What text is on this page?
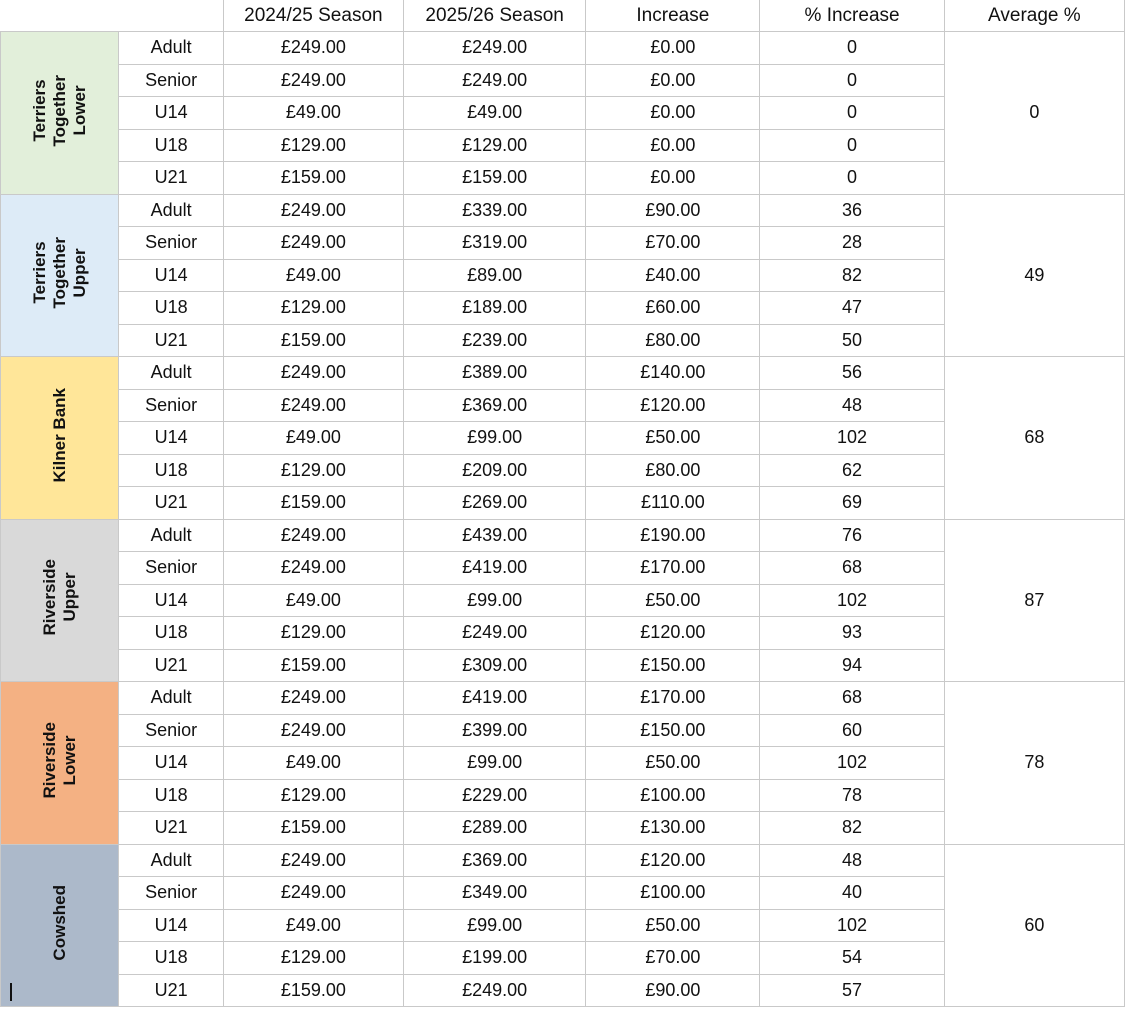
		2024/25 Season	2025/26 Season	Increase	% Increase	Average %

Terriers Together Lower	Adult	£249.00	£249.00	£0.00	0	0
	Senior	£249.00	£249.00	£0.00	0	
	U14	£49.00	£49.00	£0.00	0	
	U18	£129.00	£129.00	£0.00	0	
	U21	£159.00	£159.00	£0.00	0	

Terriers Together Upper	Adult	£249.00	£339.00	£90.00	36	49
	Senior	£249.00	£319.00	£70.00	28	
	U14	£49.00	£89.00	£40.00	82	
	U18	£129.00	£189.00	£60.00	47	
	U21	£159.00	£239.00	£80.00	50	

Kilner Bank	Adult	£249.00	£389.00	£140.00	56	68
	Senior	£249.00	£369.00	£120.00	48	
	U14	£49.00	£99.00	£50.00	102	
	U18	£129.00	£209.00	£80.00	62	
	U21	£159.00	£269.00	£110.00	69	

Riverside Upper	Adult	£249.00	£439.00	£190.00	76	87
	Senior	£249.00	£419.00	£170.00	68	
	U14	£49.00	£99.00	£50.00	102	
	U18	£129.00	£249.00	£120.00	93	
	U21	£159.00	£309.00	£150.00	94	

Riverside Lower	Adult	£249.00	£419.00	£170.00	68	78
	Senior	£249.00	£399.00	£150.00	60	
	U14	£49.00	£99.00	£50.00	102	
	U18	£129.00	£229.00	£100.00	78	
	U21	£159.00	£289.00	£130.00	82	

Cowshed	Adult	£249.00	£369.00	£120.00	48	60
	Senior	£249.00	£349.00	£100.00	40	
	U14	£49.00	£99.00	£50.00	102	
	U18	£129.00	£199.00	£70.00	54	
	U21	£159.00	£249.00	£90.00	57	
